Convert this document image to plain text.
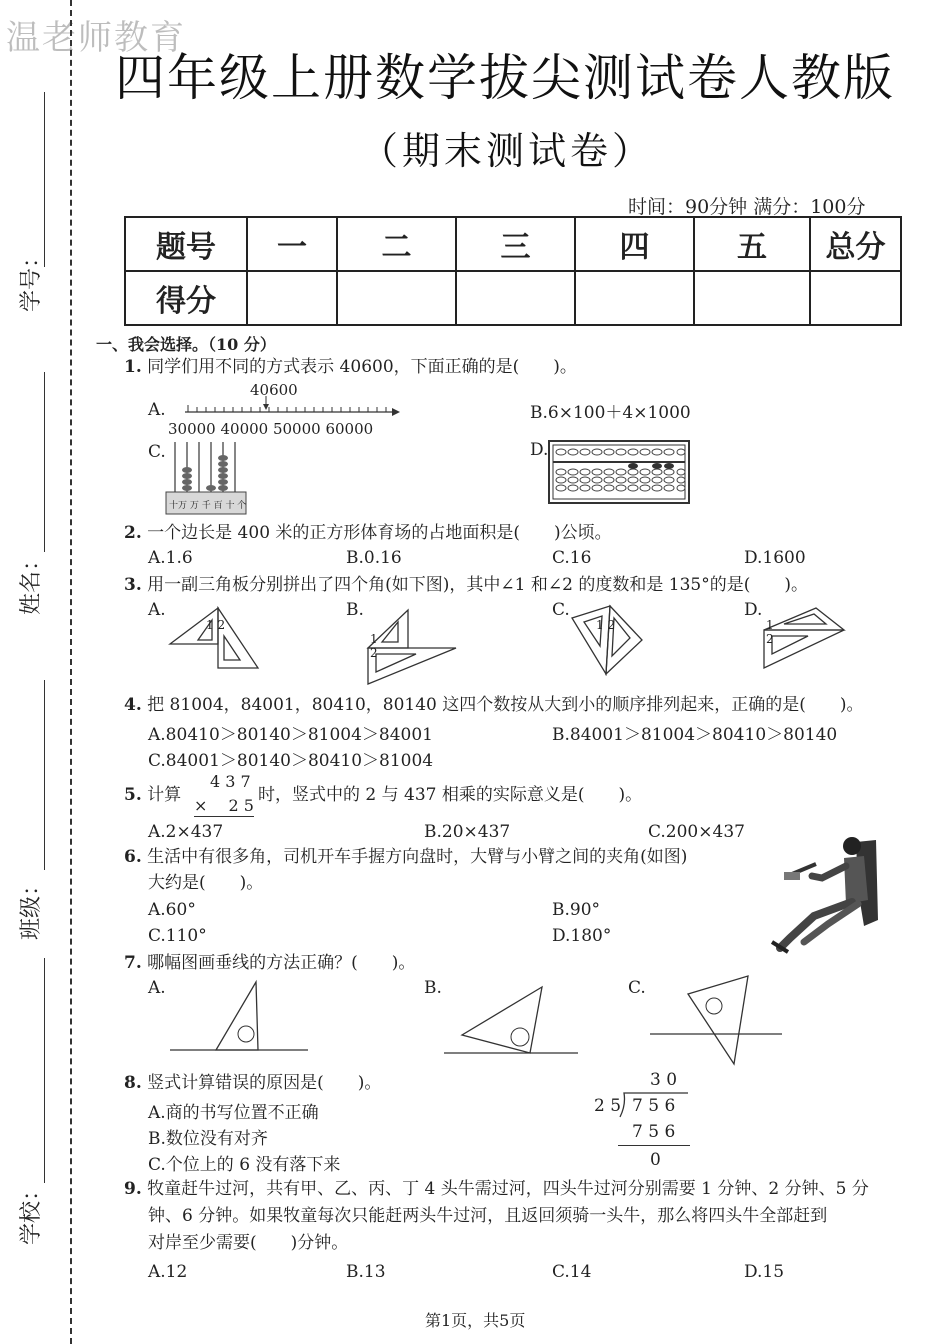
温老师教育
四年级上册数学拔尖测试卷人教版
（期末测试卷）
时间：90分钟 满分：100分
学号：
姓名：
班级：
学校：
题号	一	二	三	四	五	总分
得分						
一、我会选择。（10 分）
1. 同学们用不同的方式表示 40600，下面正确的是(　　)。
A.
40600
30000 40000 50000 60000
B.6×100＋4×1000
C.
十万 万 千 百 十 个
D.
2. 一个边长是 400 米的正方形体育场的占地面积是(　　)公顷。
A.1.6	B.0.16	C.16	D.1600
3. 用一副三角板分别拼出了四个角(如下图)，其中∠1 和∠2 的度数和是 135°的是(　　)。
A.	B.	C.	D.
1 2
1
2
1 2	1
2
4. 把 81004，84001，80410，80140 这四个数按从大到小的顺序排列起来，正确的是(　　)。
A.80410＞80140＞81004＞84001	B.84001＞81004＞80410＞80140
C.84001＞80140＞80410＞81004
5. 计算
4 3 7
× 　2 5
时，竖式中的 2 与 437 相乘的实际意义是(　　)。
A.2×437	B.20×437	C.200×437
6. 生活中有很多角，司机开车手握方向盘时，大臂与小臂之间的夹角(如图)
大约是(　　)。
A.60°	B.90°
C.110°	D.180°
7. 哪幅图画垂线的方法正确？(　　)。
A.	B.	C.
8. 竖式计算错误的原因是(　　)。
A.商的书写位置不正确
B.数位没有对齐
C.个位上的 6 没有落下来
3 0
2 5 7 5 6
7 5 6
0
9. 牧童赶牛过河，共有甲、乙、丙、丁 4 头牛需过河，四头牛过河分别需要 1 分钟、2 分钟、5 分
钟、6 分钟。如果牧童每次只能赶两头牛过河，且返回须骑一头牛，那么将四头牛全部赶到
对岸至少需要(　　)分钟。
A.12	B.13	C.14	D.15
第1页，共5页
